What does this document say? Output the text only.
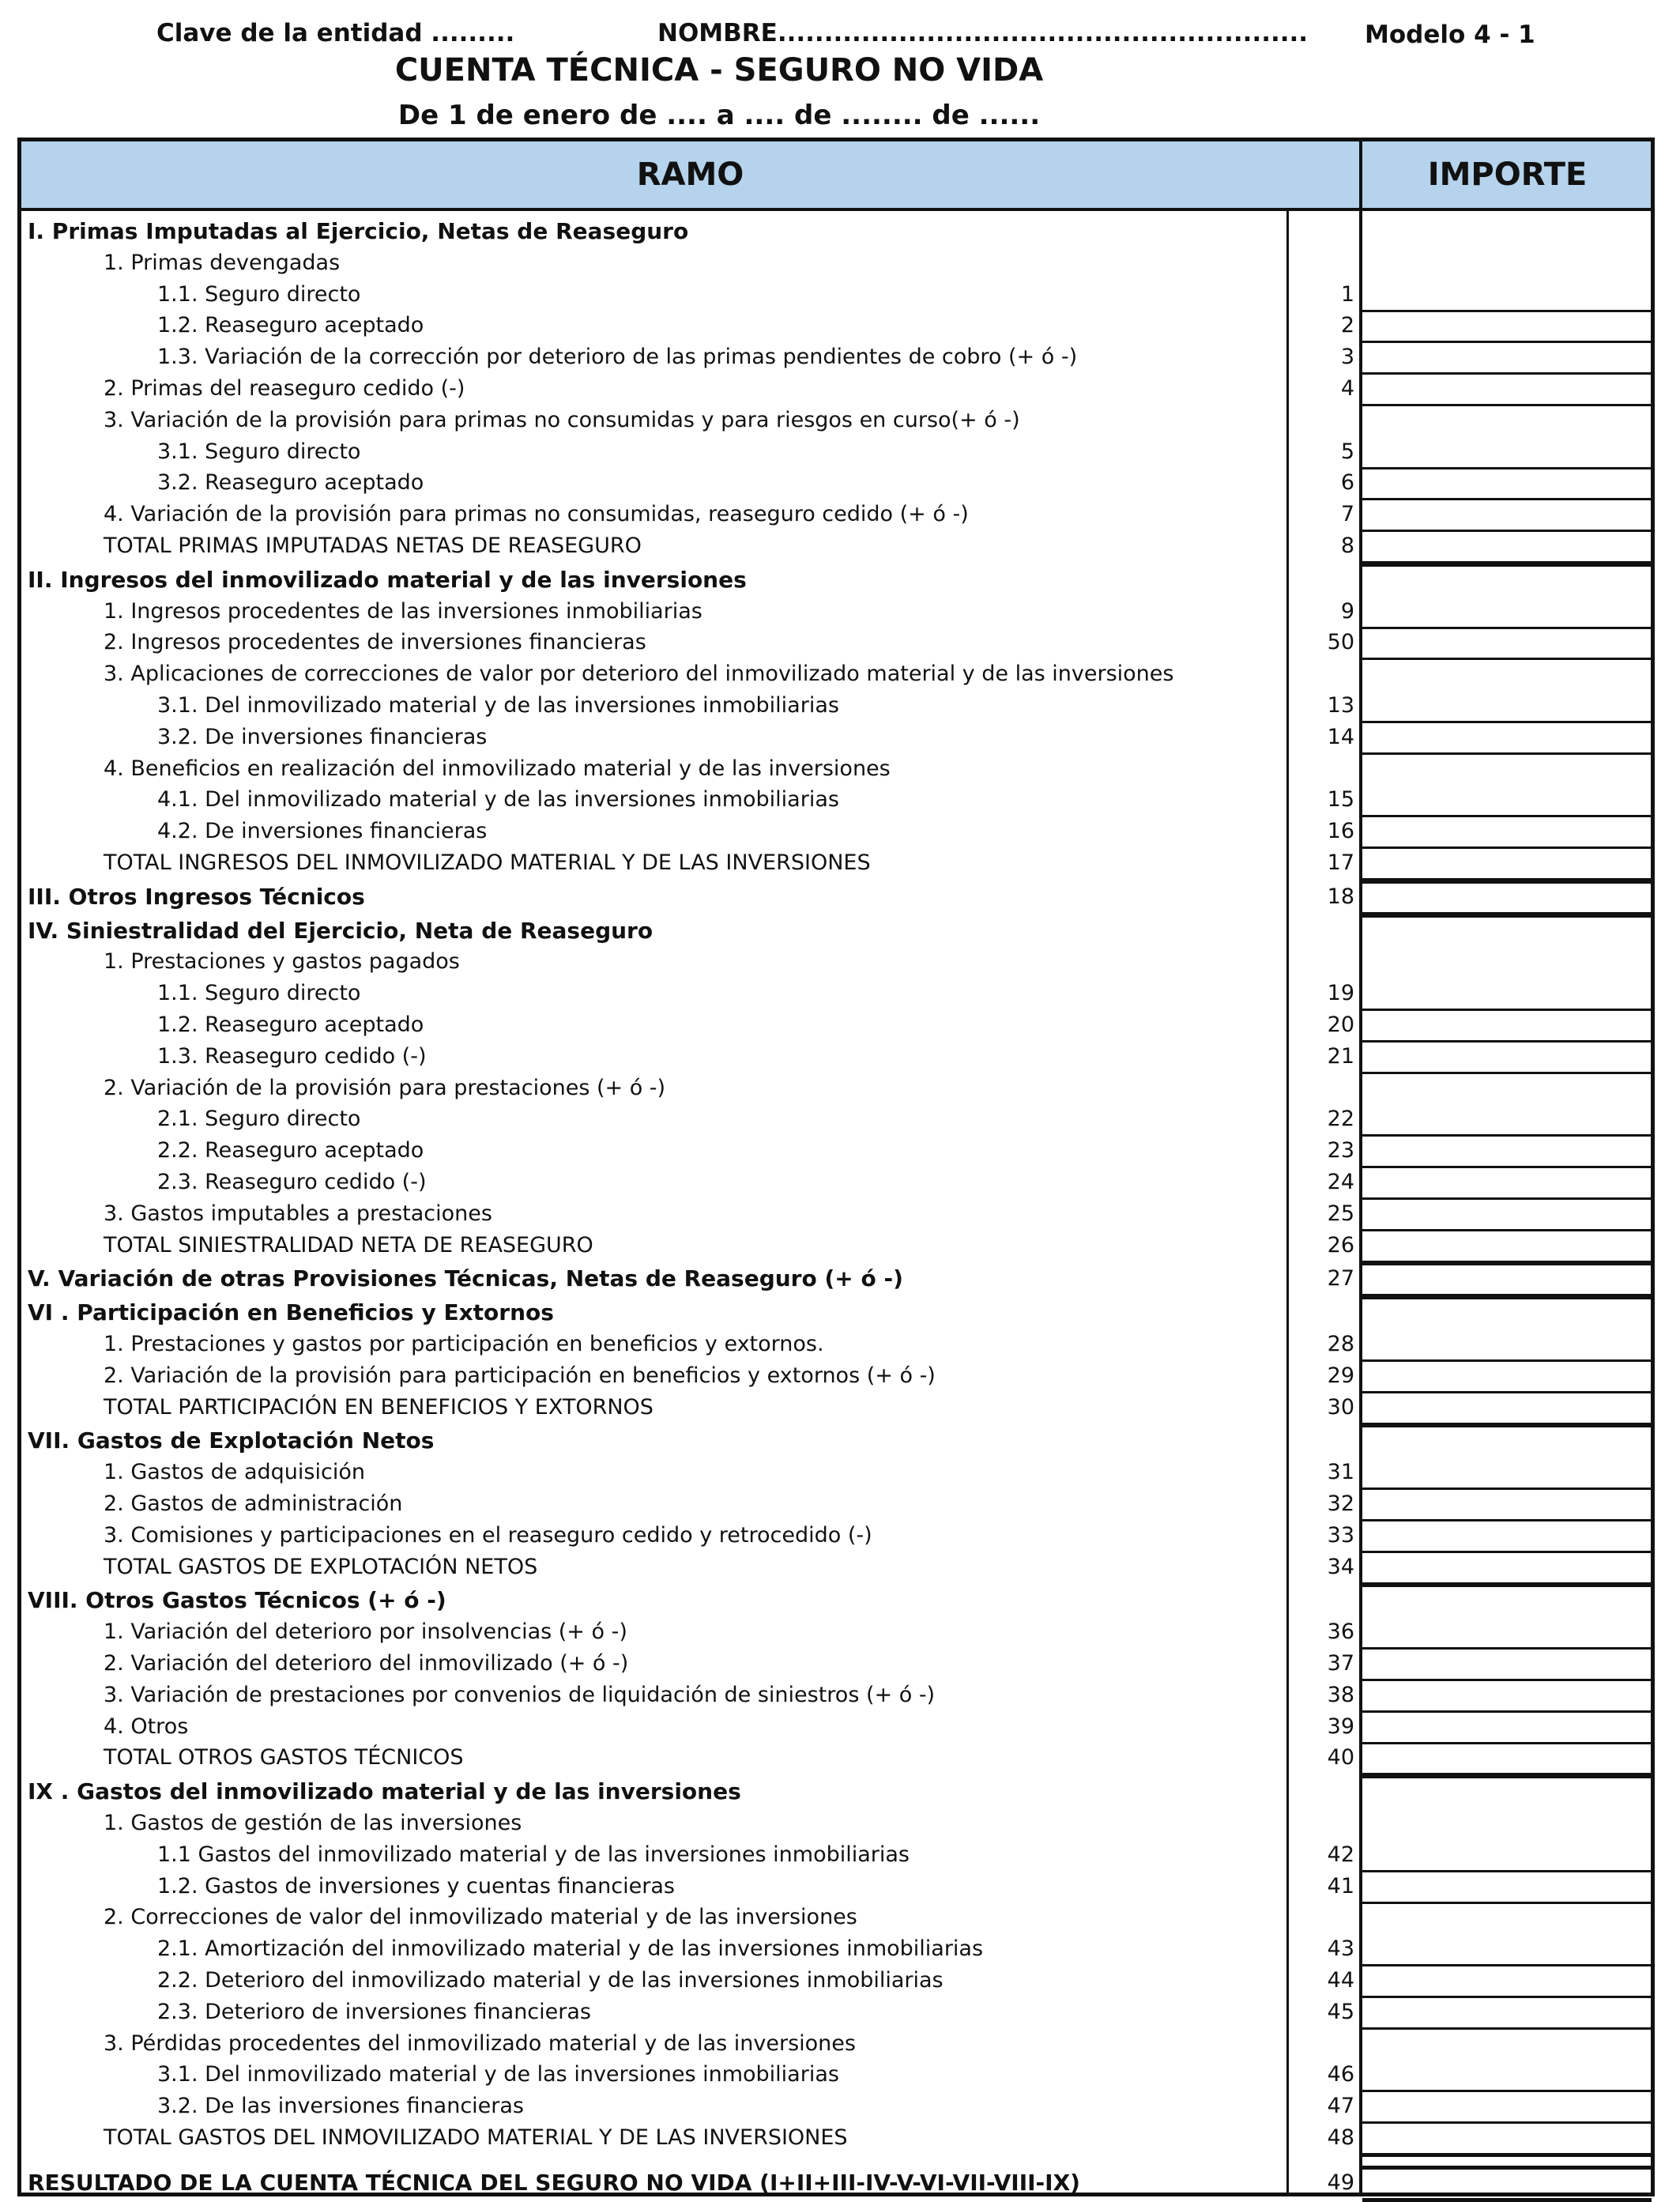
Clave de la entidad .........	NOMBRE......................................................... Modelo 4 - 1
CUENTA TÉCNICA - SEGURO NO VIDA
De 1 de enero de .... a .... de ........ de ......
RAMO	IMPORTE
I. Primas Imputadas al Ejercicio, Netas de Reaseguro
1. Primas devengadas
1.1. Seguro directo	1
1.2. Reaseguro aceptado	2
1.3. Variación de la corrección por deterioro de las primas pendientes de cobro (+ ó -)	3
2. Primas del reaseguro cedido (-)	4
3. Variación de la provisión para primas no consumidas y para riesgos en curso(+ ó -)
3.1. Seguro directo	5
3.2. Reaseguro aceptado	6
4. Variación de la provisión para primas no consumidas, reaseguro cedido (+ ó -)	7
TOTAL PRIMAS IMPUTADAS NETAS DE REASEGURO	8
II. Ingresos del inmovilizado material y de las inversiones
1. Ingresos procedentes de las inversiones inmobiliarias	9
2. Ingresos procedentes de inversiones financieras	50
3. Aplicaciones de correcciones de valor por deterioro del inmovilizado material y de las inversiones
3.1. Del inmovilizado material y de las inversiones inmobiliarias	13
3.2. De inversiones financieras	14
4. Beneficios en realización del inmovilizado material y de las inversiones
4.1. Del inmovilizado material y de las inversiones inmobiliarias	15
4.2. De inversiones financieras	16
TOTAL INGRESOS DEL INMOVILIZADO MATERIAL Y DE LAS INVERSIONES	17
III. Otros Ingresos Técnicos	18
IV. Siniestralidad del Ejercicio, Neta de Reaseguro
1. Prestaciones y gastos pagados
1.1. Seguro directo	19
1.2. Reaseguro aceptado	20
1.3. Reaseguro cedido (-)	21
2. Variación de la provisión para prestaciones (+ ó -)
2.1. Seguro directo	22
2.2. Reaseguro aceptado	23
2.3. Reaseguro cedido (-)	24
3. Gastos imputables a prestaciones	25
TOTAL SINIESTRALIDAD NETA DE REASEGURO	26
V. Variación de otras Provisiones Técnicas, Netas de Reaseguro (+ ó -)	27
VI . Participación en Beneficios y Extornos
1. Prestaciones y gastos por participación en beneficios y extornos.	28
2. Variación de la provisión para participación en beneficios y extornos (+ ó -)	29
TOTAL PARTICIPACIÓN EN BENEFICIOS Y EXTORNOS	30
VII. Gastos de Explotación Netos
1. Gastos de adquisición	31
2. Gastos de administración	32
3. Comisiones y participaciones en el reaseguro cedido y retrocedido (-)	33
TOTAL GASTOS DE EXPLOTACIÓN NETOS	34
VIII. Otros Gastos Técnicos (+ ó -)
1. Variación del deterioro por insolvencias (+ ó -)	36
2. Variación del deterioro del inmovilizado (+ ó -)	37
3. Variación de prestaciones por convenios de liquidación de siniestros (+ ó -)	38
4. Otros	39
TOTAL OTROS GASTOS TÉCNICOS	40
IX . Gastos del inmovilizado material y de las inversiones
1. Gastos de gestión de las inversiones
1.1 Gastos del inmovilizado material y de las inversiones inmobiliarias	42
1.2. Gastos de inversiones y cuentas financieras	41
2. Correcciones de valor del inmovilizado material y de las inversiones
2.1. Amortización del inmovilizado material y de las inversiones inmobiliarias	43
2.2. Deterioro del inmovilizado material y de las inversiones inmobiliarias	44
2.3. Deterioro de inversiones financieras	45
3. Pérdidas procedentes del inmovilizado material y de las inversiones
3.1. Del inmovilizado material y de las inversiones inmobiliarias	46
3.2. De las inversiones financieras	47
TOTAL GASTOS DEL INMOVILIZADO MATERIAL Y DE LAS INVERSIONES	48
RESULTADO DE LA CUENTA TÉCNICA DEL SEGURO NO VIDA (I+II+III-IV-V-VI-VII-VIII-IX)	49
